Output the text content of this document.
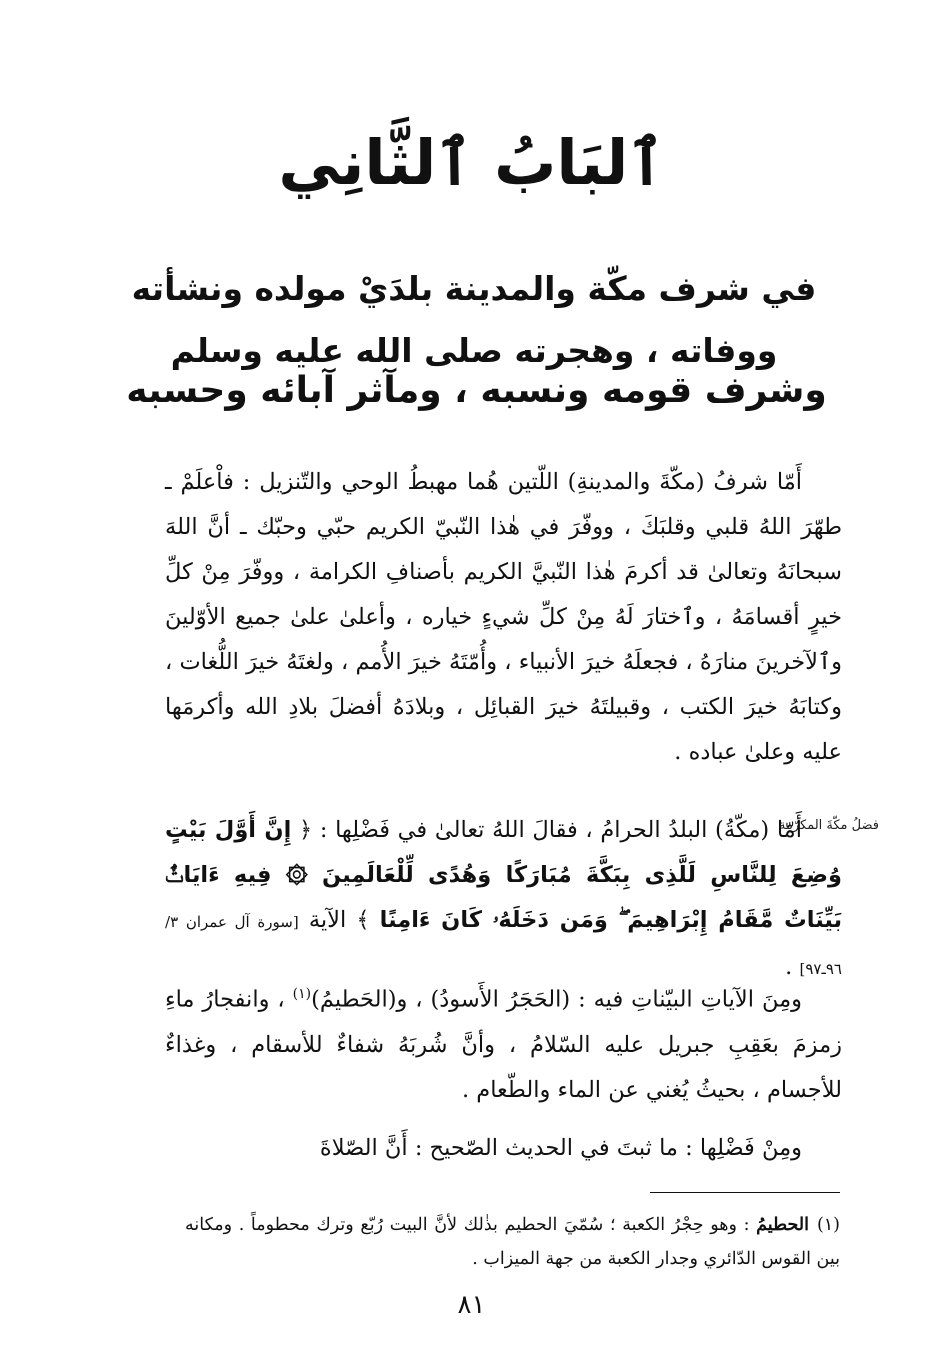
ٱلبَابُ ٱلثَّانِي
في شرف مكّة والمدينة بلدَيْ مولده ونشأته ووفاته ، وهجرته صلى الله عليه وسلم
وشرف قومه ونسبه ، ومآثر آبائه وحسبه

أَمّا شرفُ (مكّةَ والمدينةِ) اللّتين هُما مهبطُ الوحي والتّنزيل : فاْعلَمْ ـ طهّرَ اللهُ قلبي وقلبَكَ ، ووفّرَ في هٰذا النّبيّ الكريم حبّي وحبّك ـ أنَّ اللهَ سبحانَهُ وتعالىٰ قد أكرمَ هٰذا النّبيَّ الكريم بأصنافِ الكرامة ، ووفّرَ مِنْ كلِّ خيرٍ أقسامَهُ ، وٱختارَ لَهُ مِنْ كلِّ شيءٍ خياره ، وأعلىٰ علىٰ جميع الأوّلينَ وٱلآخرينَ منارَهُ ، فجعلَهُ خيرَ الأنبياء ، وأُمّتَهُ خيرَ الأُمم ، ولغتَهُ خيرَ اللُّغات ، وكتابَهُ خيرَ الكتب ، وقبيلتَهُ خيرَ القبائِل ، وبلادَهُ أفضلَ بلادِ الله وأكرمَها عليه وعلىٰ عباده .

فضلُ مكّةَ المكرّمة

أَمّا (مكّةُ) البلدُ الحرامُ ، فقالَ اللهُ تعالىٰ في فَضْلِها : ﴿ إِنَّ أَوَّلَ بَيْتٍ وُضِعَ لِلنَّاسِ لَلَّذِى بِبَكَّةَ مُبَارَكًا وَهُدًى لِّلْعَالَمِينَ ۞ فِيهِ ءَايَاتٌۢ بَيِّنَاتٌ مَّقَامُ إِبْرَاهِيمَ ۖ وَمَن دَخَلَهُۥ كَانَ ءَامِنًا ﴾ الآية [سورة آل عمران ٣/ ٩٦ـ٩٧] .

ومِنَ الآياتِ البيّناتِ فيه : (الحَجَرُ الأَسودُ) ، و(الحَطيمُ)$^{(١)}$ ، وانفجارُ ماءِ زمزمَ بعَقِبِ جبريل عليه السّلامُ ، وأنَّ شُربَهُ شفاءٌ للأسقام ، وغذاءٌ للأجسام ، بحيثُ يُغني عن الماء والطّعام .

ومِنْ فَضْلِها : ما ثبتَ في الحديث الصّحيح : أَنَّ الصّلاةَ

(١)الحطيمُ : وهو حِجْرُ الكعبة ؛ سُمّيَ الحطيم بذٰلك لأنَّ البيت رُبّع وترك محطوماً . ومكانه بين القوس الدّائري وجدار الكعبة من جهة الميزاب .
٨١
